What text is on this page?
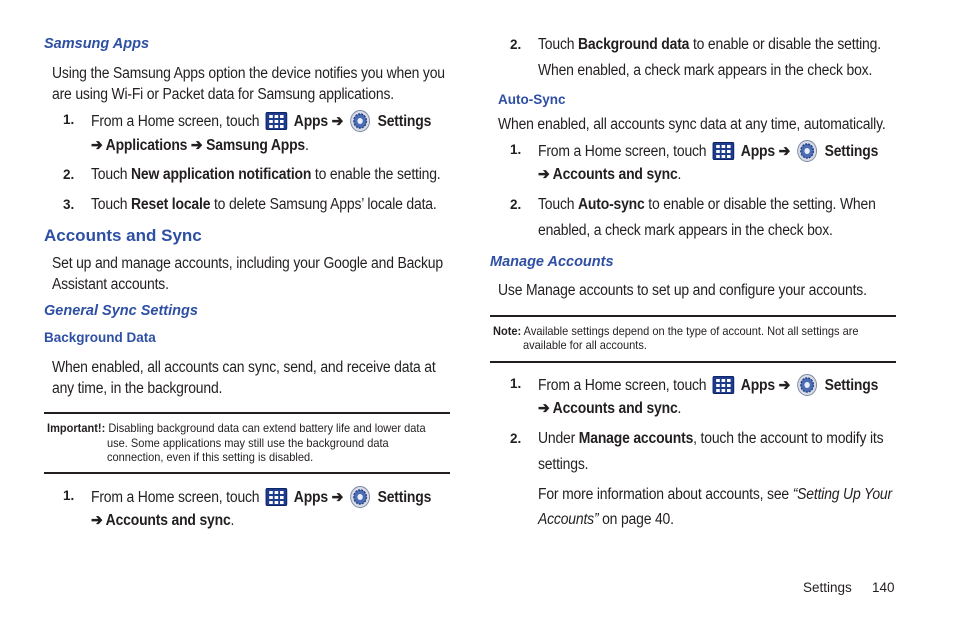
Samsung Apps
Using the Samsung Apps option the device notifies you when you
are using Wi-Fi or Packet data for Samsung applications.
1. From a Home screen, touch Apps ➔ Settings
➔ Applications ➔ Samsung Apps.
2. Touch New application notification to enable the setting.
3. Touch Reset locale to delete Samsung Apps’ locale data.
Accounts and Sync
Set up and manage accounts, including your Google and Backup
Assistant accounts.
General Sync Settings
Background Data
When enabled, all accounts can sync, send, and receive data at
any time, in the background.
Important!: Disabling background data can extend battery life and lower data
use. Some applications may still use the background data
connection, even if this setting is disabled.
1. From a Home screen, touch Apps ➔ Settings
➔ Accounts and sync.
2. Touch Background data to enable or disable the setting.
When enabled, a check mark appears in the check box.
Auto-Sync
When enabled, all accounts sync data at any time, automatically.
1. From a Home screen, touch Apps ➔ Settings
➔ Accounts and sync.
2. Touch Auto-sync to enable or disable the setting. When
enabled, a check mark appears in the check box.
Manage Accounts
Use Manage accounts to set up and configure your accounts.
Note: Available settings depend on the type of account. Not all settings are
available for all accounts.
1. From a Home screen, touch Apps ➔ Settings
➔ Accounts and sync.
2. Under Manage accounts, touch the account to modify its
settings.
For more information about accounts, see “Setting Up Your
Accounts” on page 40.
Settings 140
